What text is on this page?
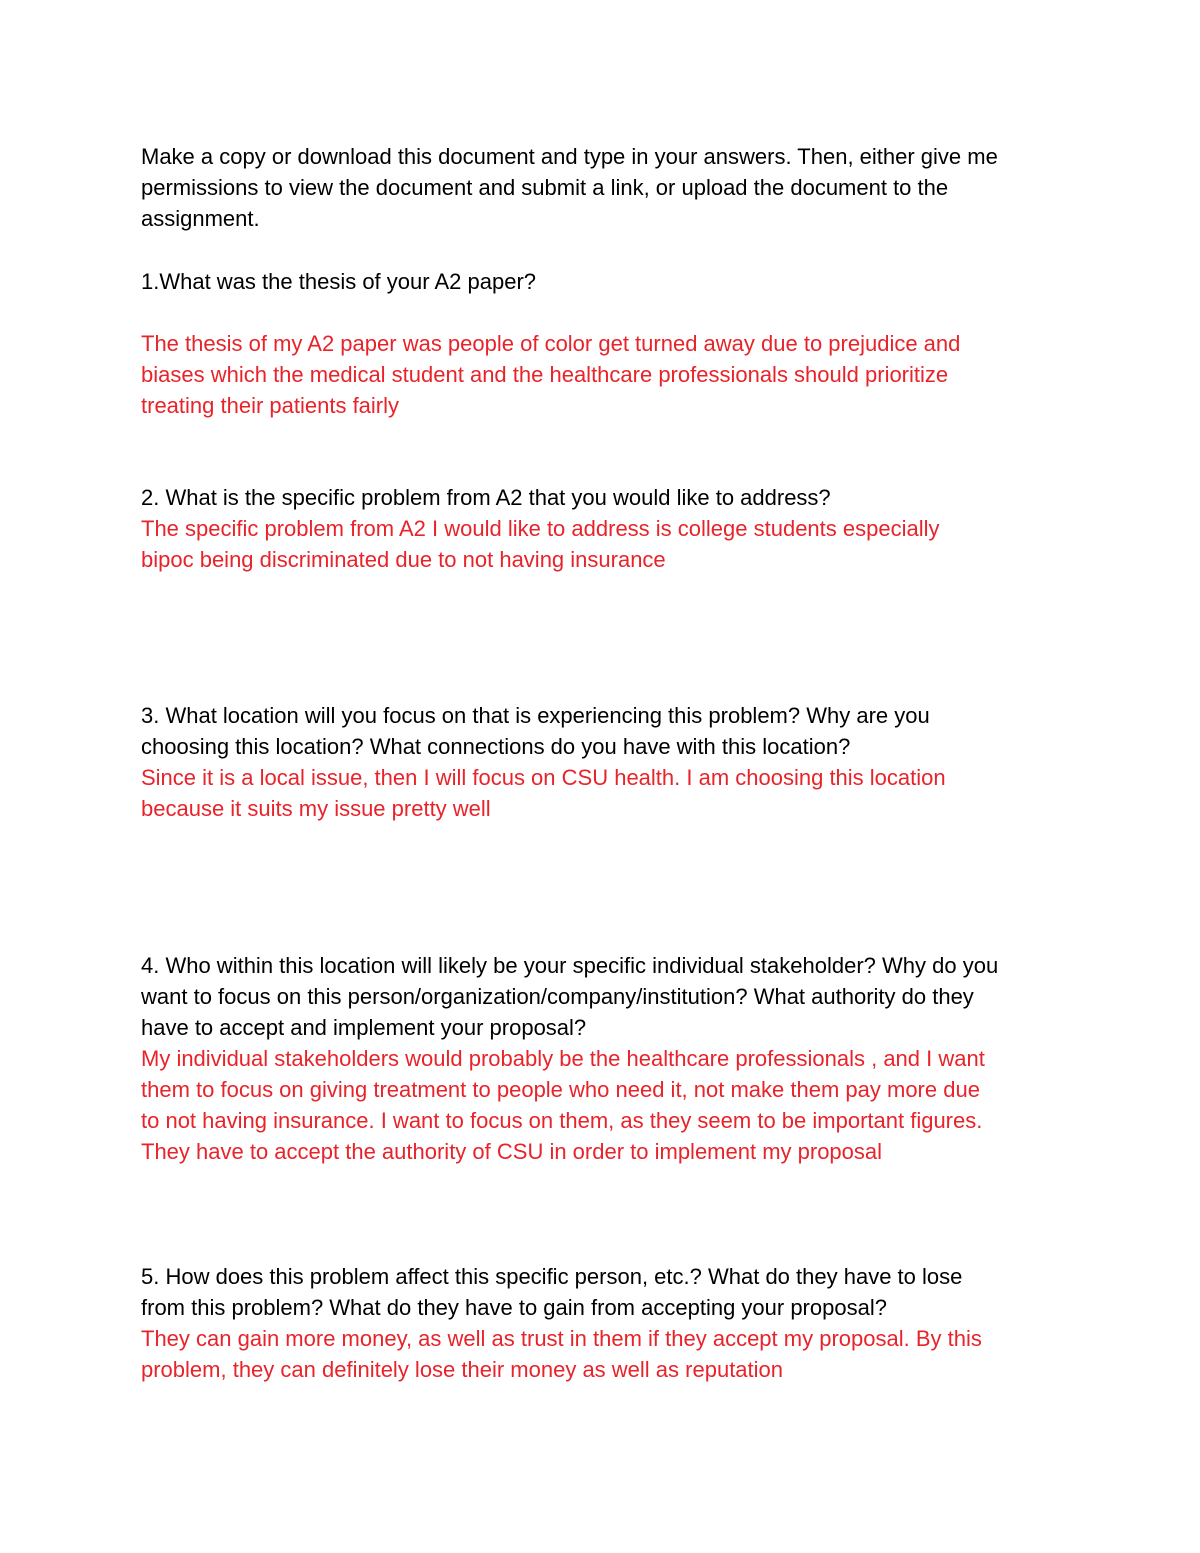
Make a copy or download this document and type in your answers. Then, either give me
permissions to view the document and submit a link, or upload the document to the
assignment.

1.What was the thesis of your A2 paper?

The thesis of my A2 paper was people of color get turned away due to prejudice and
biases which the medical student and the healthcare professionals should prioritize
treating their patients fairly

2. What is the specific problem from A2 that you would like to address?

The specific problem from A2 I would like to address is college students especially
bipoc being discriminated due to not having insurance

3. What location will you focus on that is experiencing this problem? Why are you
choosing this location? What connections do you have with this location?

Since it is a local issue, then I will focus on CSU health. I am choosing this location
because it suits my issue pretty well

4. Who within this location will likely be your specific individual stakeholder? Why do you
want to focus on this person/organization/company/institution? What authority do they
have to accept and implement your proposal?

My individual stakeholders would probably be the healthcare professionals , and I want
them to focus on giving treatment to people who need it, not make them pay more due
to not having insurance. I want to focus on them, as they seem to be important figures.
They have to accept the authority of CSU in order to implement my proposal

5. How does this problem affect this specific person, etc.? What do they have to lose
from this problem? What do they have to gain from accepting your proposal?

They can gain more money, as well as trust in them if they accept my proposal. By this
problem, they can definitely lose their money as well as reputation
